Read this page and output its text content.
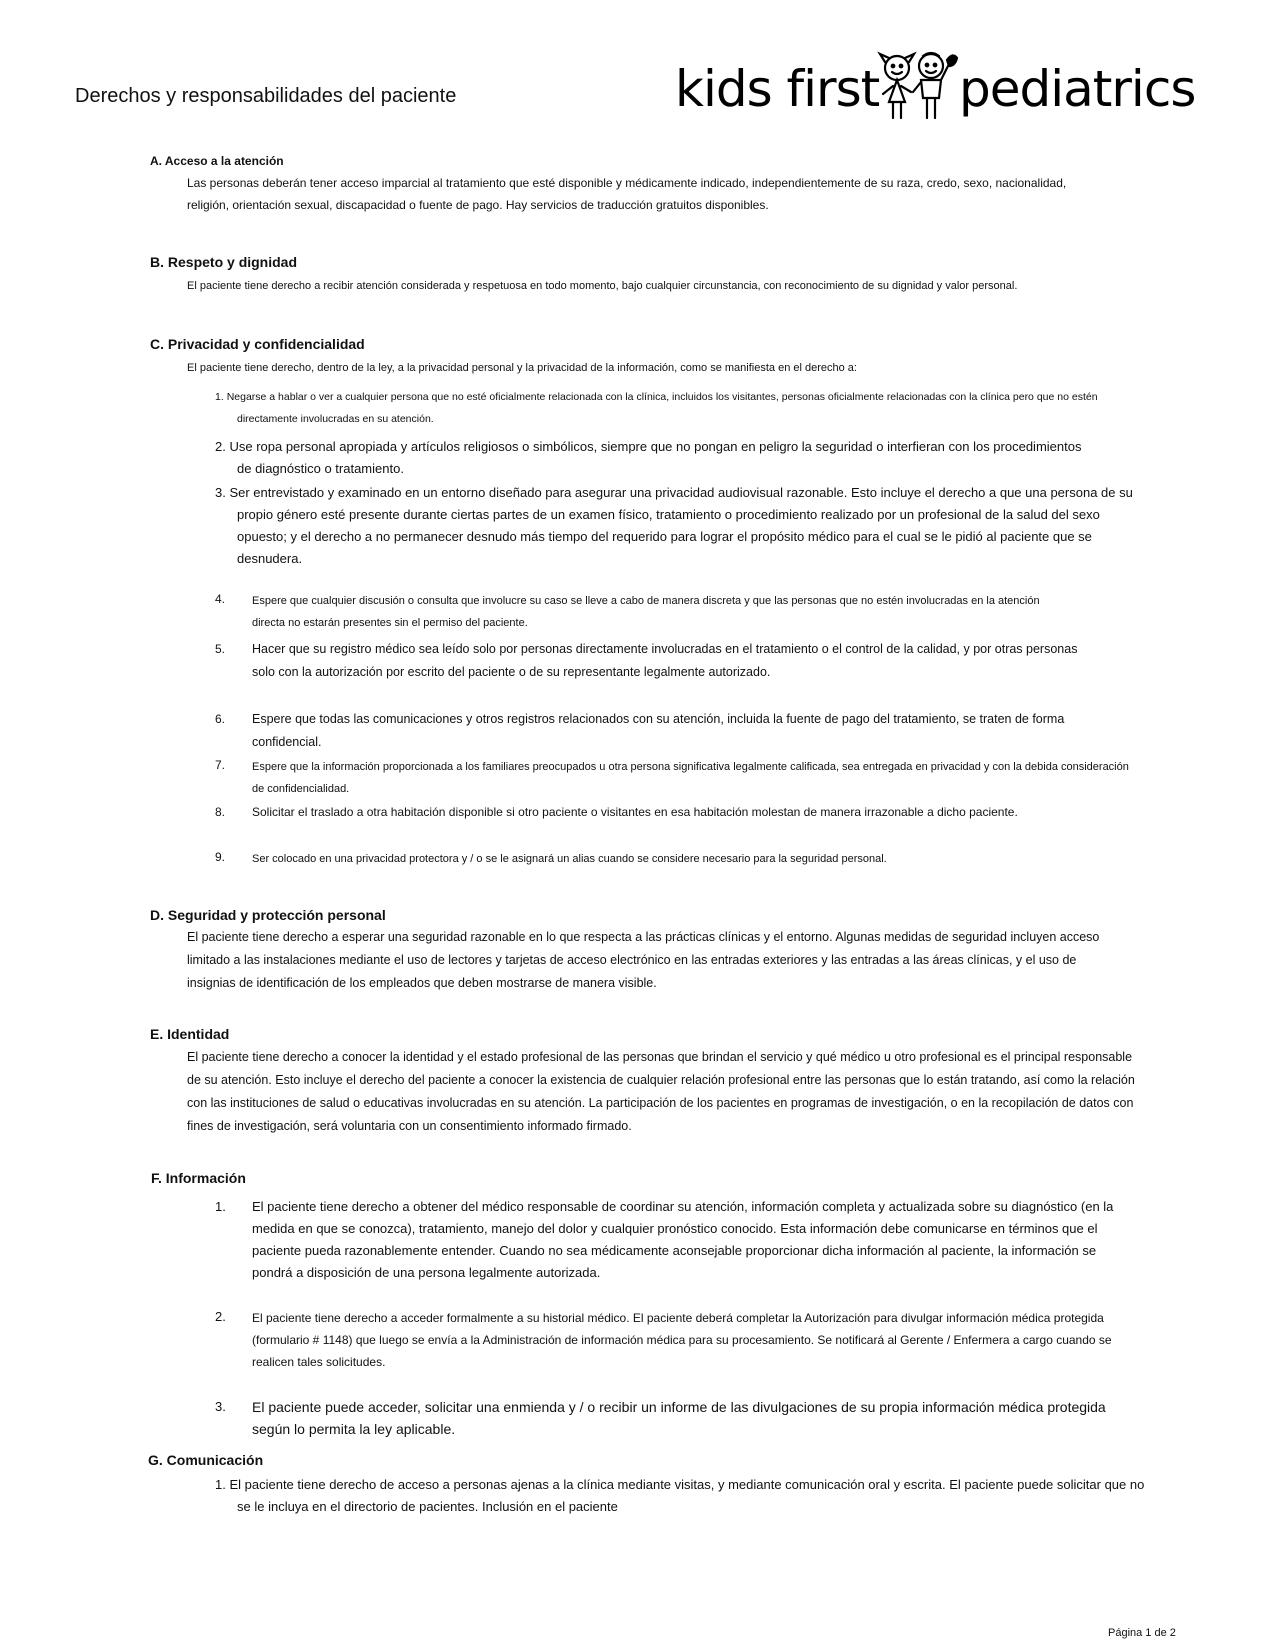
Derechos y responsabilidades del paciente	kids first pediatrics
A. Acceso a la atención
Las personas deberán tener acceso imparcial al tratamiento que esté disponible y médicamente indicado, independientemente de su raza, credo, sexo, nacionalidad, religión, orientación sexual, discapacidad o fuente de pago. Hay servicios de traducción gratuitos disponibles.
B. Respeto y dignidad
El paciente tiene derecho a recibir atención considerada y respetuosa en todo momento, bajo cualquier circunstancia, con reconocimiento de su dignidad y valor personal.
C. Privacidad y confidencialidad
El paciente tiene derecho, dentro de la ley, a la privacidad personal y la privacidad de la información, como se manifiesta en el derecho a:
1. Negarse a hablar o ver a cualquier persona que no esté oficialmente relacionada con la clínica, incluidos los visitantes, personas oficialmente relacionadas con la clínica pero que no estén directamente involucradas en su atención.
2. Use ropa personal apropiada y artículos religiosos o simbólicos, siempre que no pongan en peligro la seguridad o interfieran con los procedimientos de diagnóstico o tratamiento.
3. Ser entrevistado y examinado en un entorno diseñado para asegurar una privacidad audiovisual razonable. Esto incluye el derecho a que una persona de su propio género esté presente durante ciertas partes de un examen físico, tratamiento o procedimiento realizado por un profesional de la salud del sexo opuesto; y el derecho a no permanecer desnudo más tiempo del requerido para lograr el propósito médico para el cual se le pidió al paciente que se desnudera.
4.	Espere que cualquier discusión o consulta que involucre su caso se lleve a cabo de manera discreta y que las personas que no estén involucradas en la atención directa no estarán presentes sin el permiso del paciente.
5.	Hacer que su registro médico sea leído solo por personas directamente involucradas en el tratamiento o el control de la calidad, y por otras personas solo con la autorización por escrito del paciente o de su representante legalmente autorizado.
6.	Espere que todas las comunicaciones y otros registros relacionados con su atención, incluida la fuente de pago del tratamiento, se traten de forma confidencial.
7.	Espere que la información proporcionada a los familiares preocupados u otra persona significativa legalmente calificada, sea entregada en privacidad y con la debida consideración de confidencialidad.
8.	Solicitar el traslado a otra habitación disponible si otro paciente o visitantes en esa habitación molestan de manera irrazonable a dicho paciente.
9.	Ser colocado en una privacidad protectora y / o se le asignará un alias cuando se considere necesario para la seguridad personal.
D. Seguridad y protección personal
El paciente tiene derecho a esperar una seguridad razonable en lo que respecta a las prácticas clínicas y el entorno. Algunas medidas de seguridad incluyen acceso limitado a las instalaciones mediante el uso de lectores y tarjetas de acceso electrónico en las entradas exteriores y las entradas a las áreas clínicas, y el uso de insignias de identificación de los empleados que deben mostrarse de manera visible.
E. Identidad
El paciente tiene derecho a conocer la identidad y el estado profesional de las personas que brindan el servicio y qué médico u otro profesional es el principal responsable de su atención. Esto incluye el derecho del paciente a conocer la existencia de cualquier relación profesional entre las personas que lo están tratando, así como la relación con las instituciones de salud o educativas involucradas en su atención. La participación de los pacientes en programas de investigación, o en la recopilación de datos con fines de investigación, será voluntaria con un consentimiento informado firmado.
F. Información
1.	El paciente tiene derecho a obtener del médico responsable de coordinar su atención, información completa y actualizada sobre su diagnóstico (en la medida en que se conozca), tratamiento, manejo del dolor y cualquier pronóstico conocido. Esta información debe comunicarse en términos que el paciente pueda razonablemente entender. Cuando no sea médicamente aconsejable proporcionar dicha información al paciente, la información se pondrá a disposición de una persona legalmente autorizada.
2.	El paciente tiene derecho a acceder formalmente a su historial médico. El paciente deberá completar la Autorización para divulgar información médica protegida (formulario # 1148) que luego se envía a la Administración de información médica para su procesamiento. Se notificará al Gerente / Enfermera a cargo cuando se realicen tales solicitudes.
3.	El paciente puede acceder, solicitar una enmienda y / o recibir un informe de las divulgaciones de su propia información médica protegida según lo permita la ley aplicable.
G. Comunicación
1. El paciente tiene derecho de acceso a personas ajenas a la clínica mediante visitas, y mediante comunicación oral y escrita. El paciente puede solicitar que no se le incluya en el directorio de pacientes. Inclusión en el paciente
Página 1 de 2
